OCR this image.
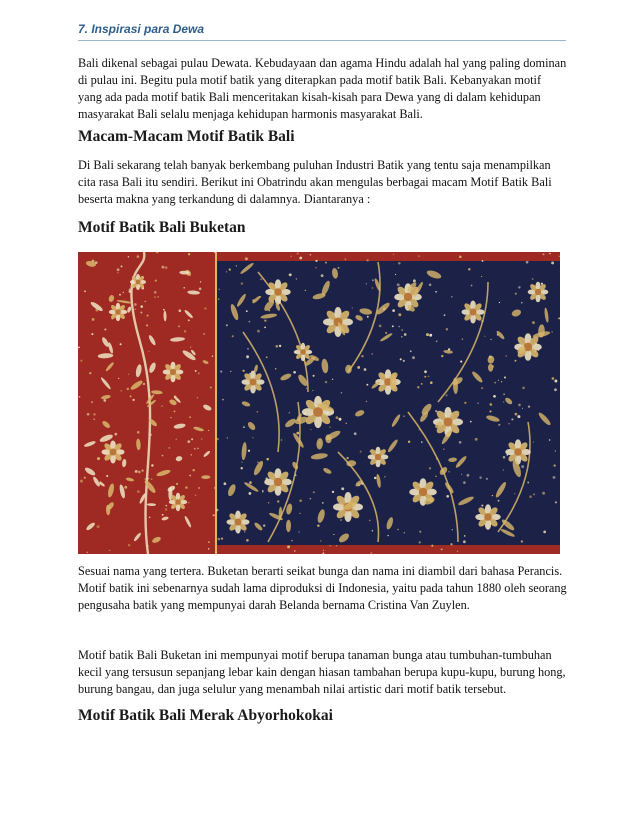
7. Inspirasi para Dewa

Bali dikenal sebagai pulau Dewata. Kebudayaan dan agama Hindu adalah hal yang paling dominan di pulau ini. Begitu pula motif batik yang diterapkan pada motif batik Bali. Kebanyakan motif yang ada pada motif batik Bali menceritakan kisah-kisah para Dewa yang di dalam kehidupan masyarakat Bali selalu menjaga kehidupan harmonis masyarakat Bali.

Macam-Macam Motif Batik Bali

Di Bali sekarang telah banyak berkembang puluhan Industri Batik yang tentu saja menampilkan cita rasa Bali itu sendiri. Berikut ini Obatrindu akan mengulas berbagai macam Motif Batik Bali beserta makna yang terkandung di dalamnya. Diantaranya :

Motif Batik Bali Buketan

Sesuai nama yang tertera. Buketan berarti seikat bunga dan nama ini diambil dari bahasa Perancis. Motif batik ini sebenarnya sudah lama diproduksi di Indonesia, yaitu pada tahun 1880 oleh seorang pengusaha batik yang mempunyai darah Belanda bernama Cristina Van Zuylen.

Motif batik Bali Buketan ini mempunyai motif berupa tanaman bunga atau tumbuhan-tumbuhan kecil yang tersusun sepanjang lebar kain dengan hiasan tambahan berupa kupu-kupu, burung hong, burung bangau, dan juga selulur yang menambah nilai artistic dari motif batik tersebut.

Motif Batik Bali Merak Abyorhokokai
